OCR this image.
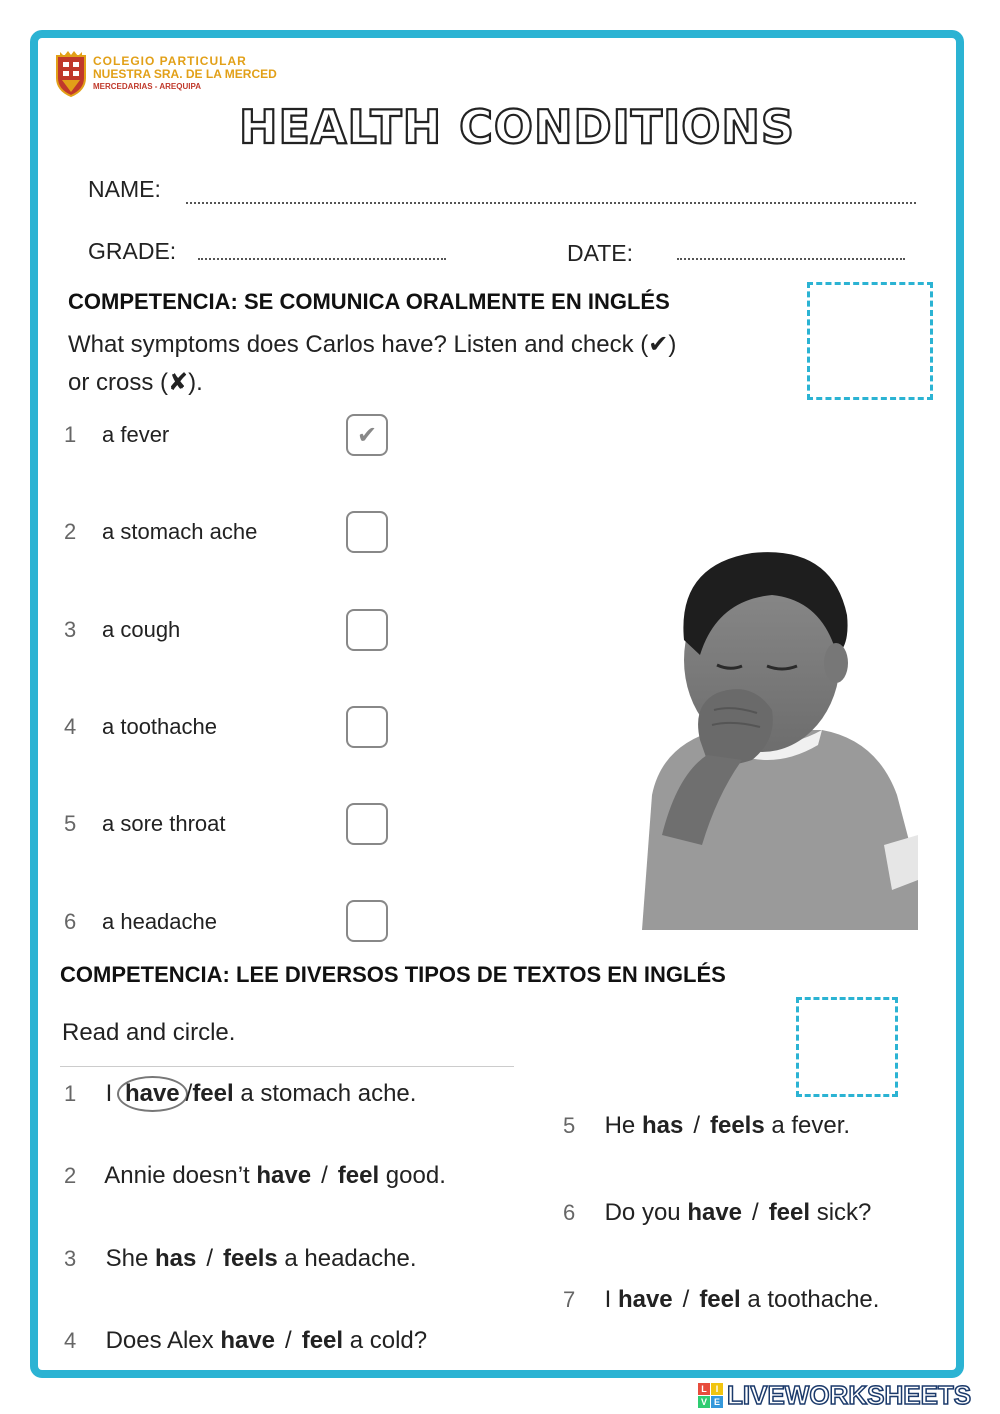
COLEGIO PARTICULAR
NUESTRA SRA. DE LA MERCED
MERCEDARIAS - AREQUIPA
HEALTH CONDITIONS
NAME:
GRADE:	DATE:
COMPETENCIA: SE COMUNICA ORALMENTE EN INGLÉS
What symptoms does Carlos have? Listen and check (✔)
or cross (✘).
1 a fever	✔
2 a stomach ache
3 a cough
4 a toothache
5 a sore throat
6 a headache
COMPETENCIA: LEE DIVERSOS TIPOS DE TEXTOS EN INGLÉS
Read and circle.
1 I have /feel a stomach ache.
2 Annie doesn’t have / feel good.
3 She has / feels a headache.
4 Does Alex have / feel a cold?
5 He has / feels a fever.
6 Do you have / feel sick?
7 I have / feel a toothache.
L I
V E LIVEWORKSHEETS
